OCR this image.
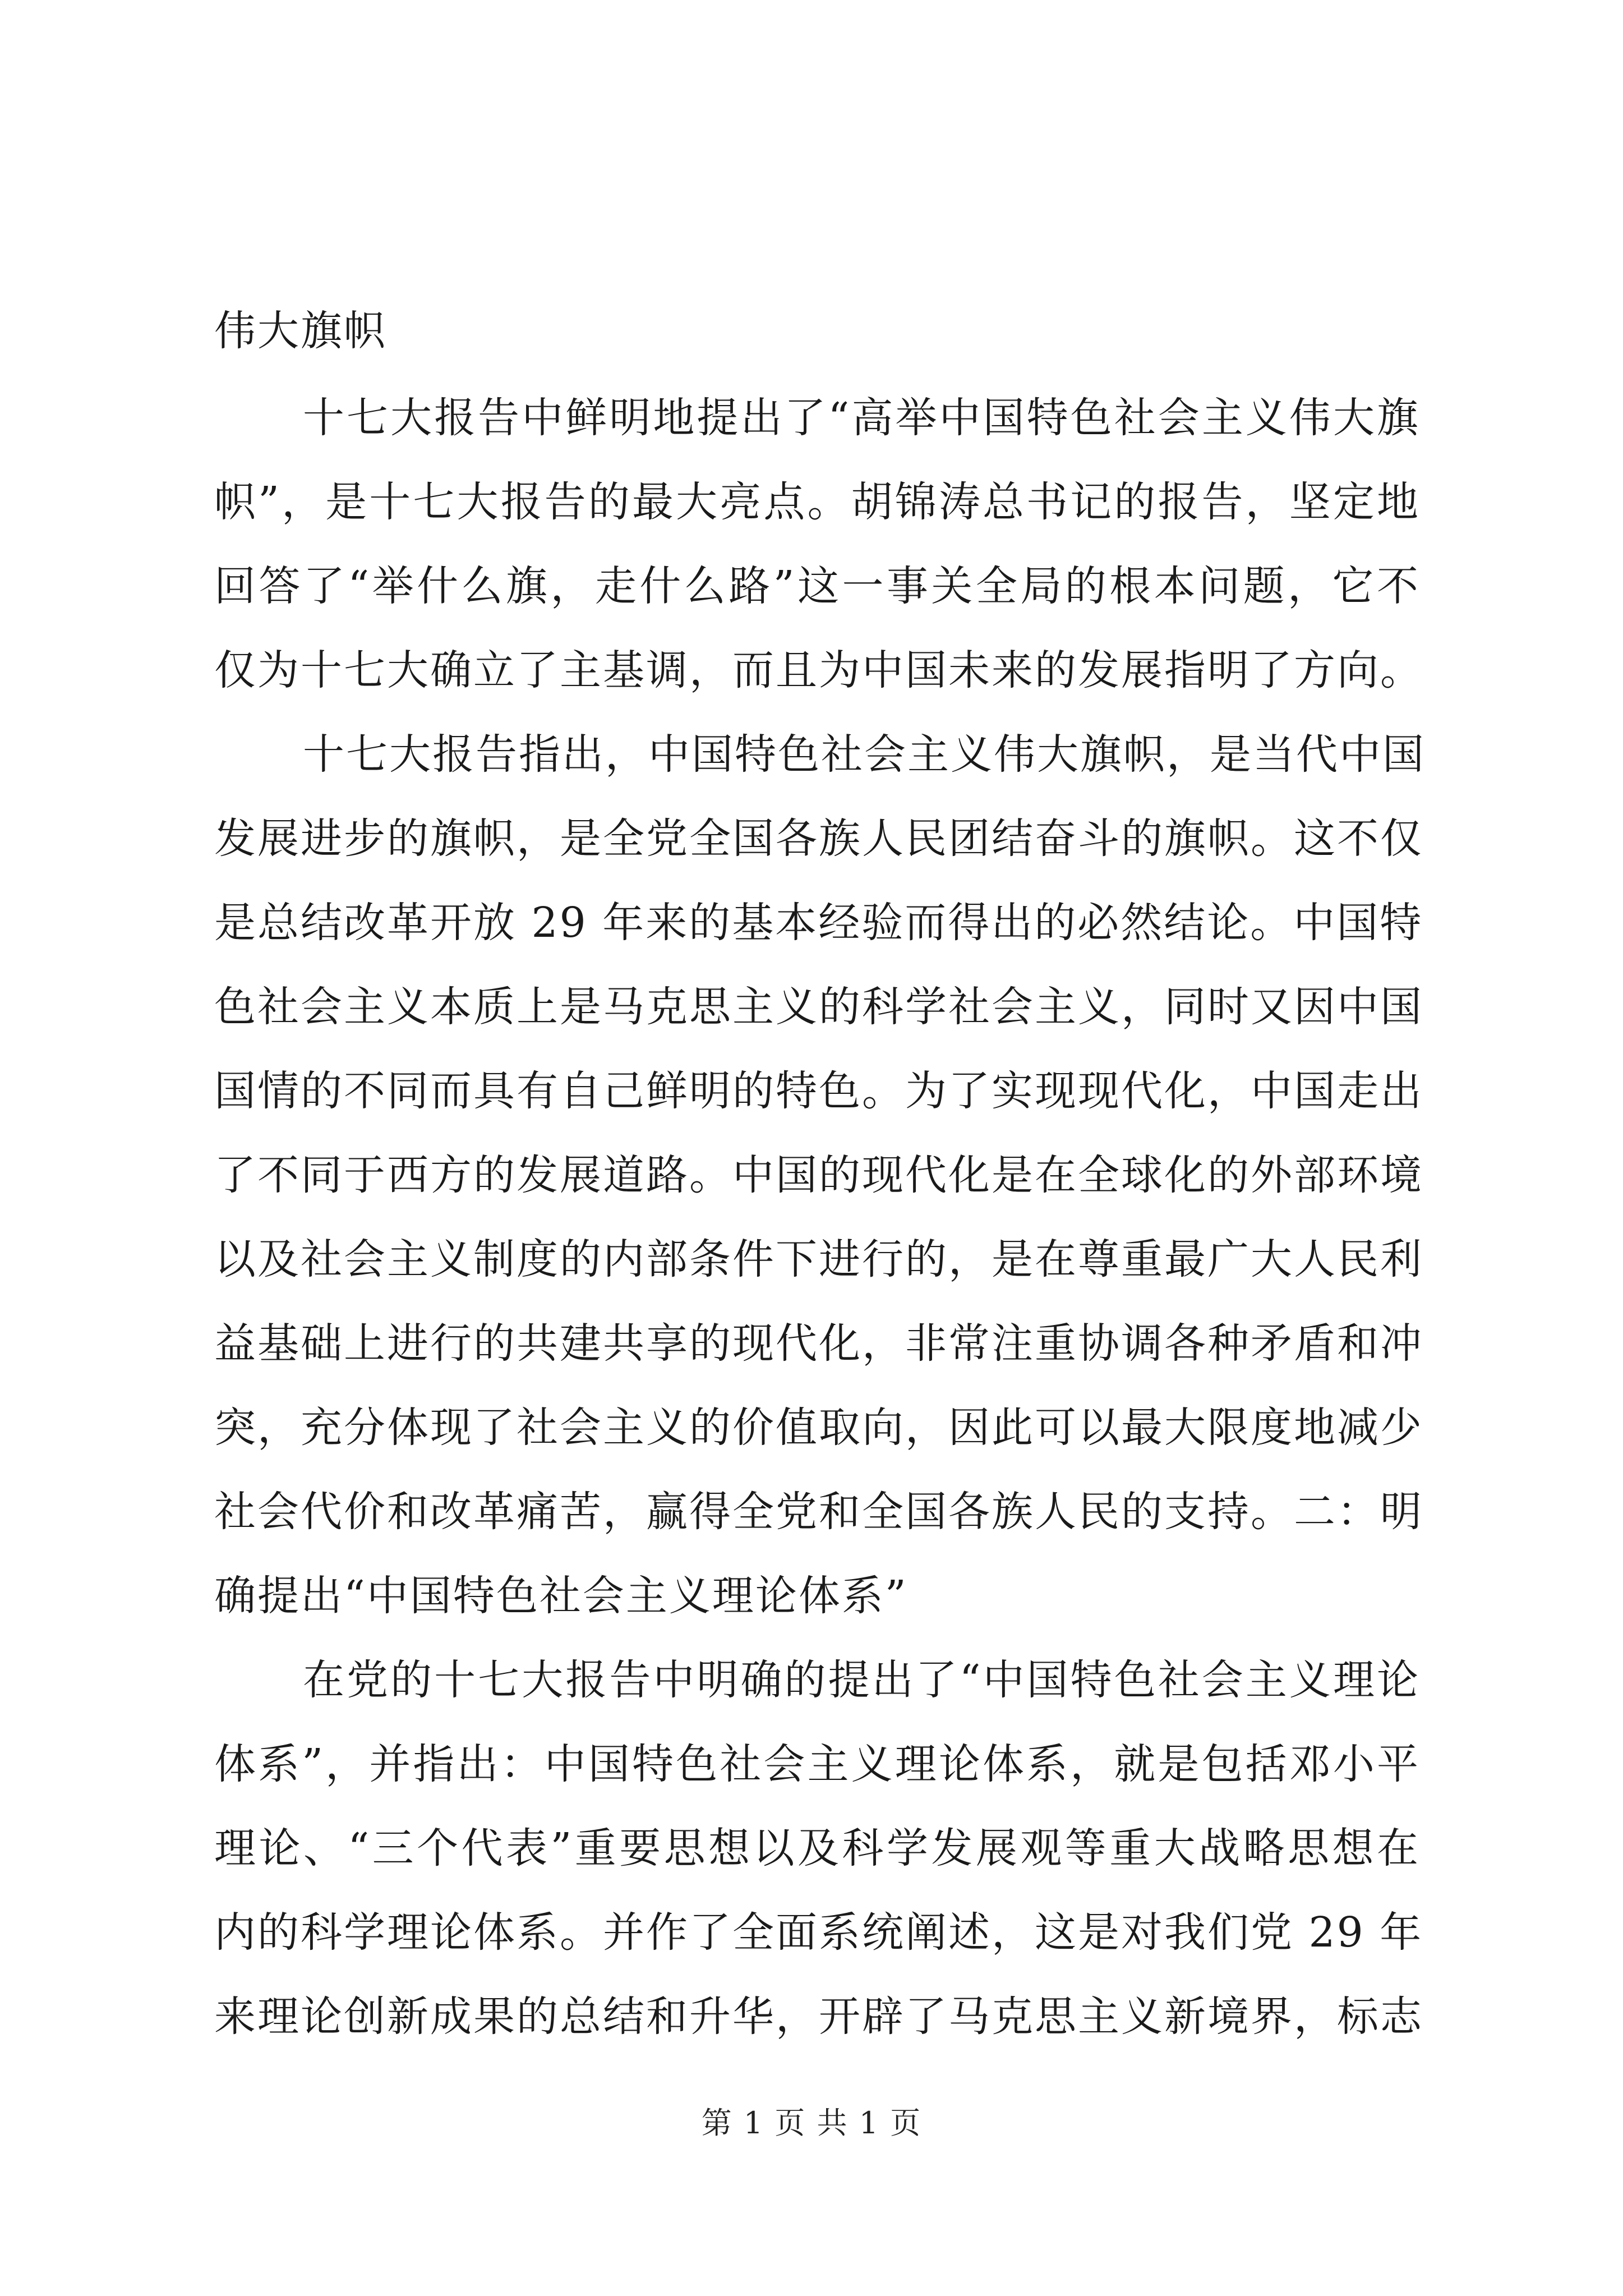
伟大旗帜
十七大报告中鲜明地提出了“高举中国特色社会主义伟大旗
帜”，是十七大报告的最大亮点。胡锦涛总书记的报告，坚定地
回答了“举什么旗，走什么路”这一事关全局的根本问题，它不
仅为十七大确立了主基调，而且为中国未来的发展指明了方向。
十七大报告指出，中国特色社会主义伟大旗帜，是当代中国
发展进步的旗帜，是全党全国各族人民团结奋斗的旗帜。这不仅
是总结改革开放 29 年来的基本经验而得出的必然结论。中国特
色社会主义本质上是马克思主义的科学社会主义，同时又因中国
国情的不同而具有自己鲜明的特色。为了实现现代化，中国走出
了不同于西方的发展道路。中国的现代化是在全球化的外部环境
以及社会主义制度的内部条件下进行的，是在尊重最广大人民利
益基础上进行的共建共享的现代化，非常注重协调各种矛盾和冲
突，充分体现了社会主义的价值取向，因此可以最大限度地减少
社会代价和改革痛苦，赢得全党和全国各族人民的支持。二：明
确提出“中国特色社会主义理论体系”
在党的十七大报告中明确的提出了“中国特色社会主义理论
体系”，并指出：中国特色社会主义理论体系，就是包括邓小平
理论、“三个代表”重要思想以及科学发展观等重大战略思想在
内的科学理论体系。并作了全面系统阐述，这是对我们党 29 年
来理论创新成果的总结和升华，开辟了马克思主义新境界，标志
第 1 页 共 1 页
